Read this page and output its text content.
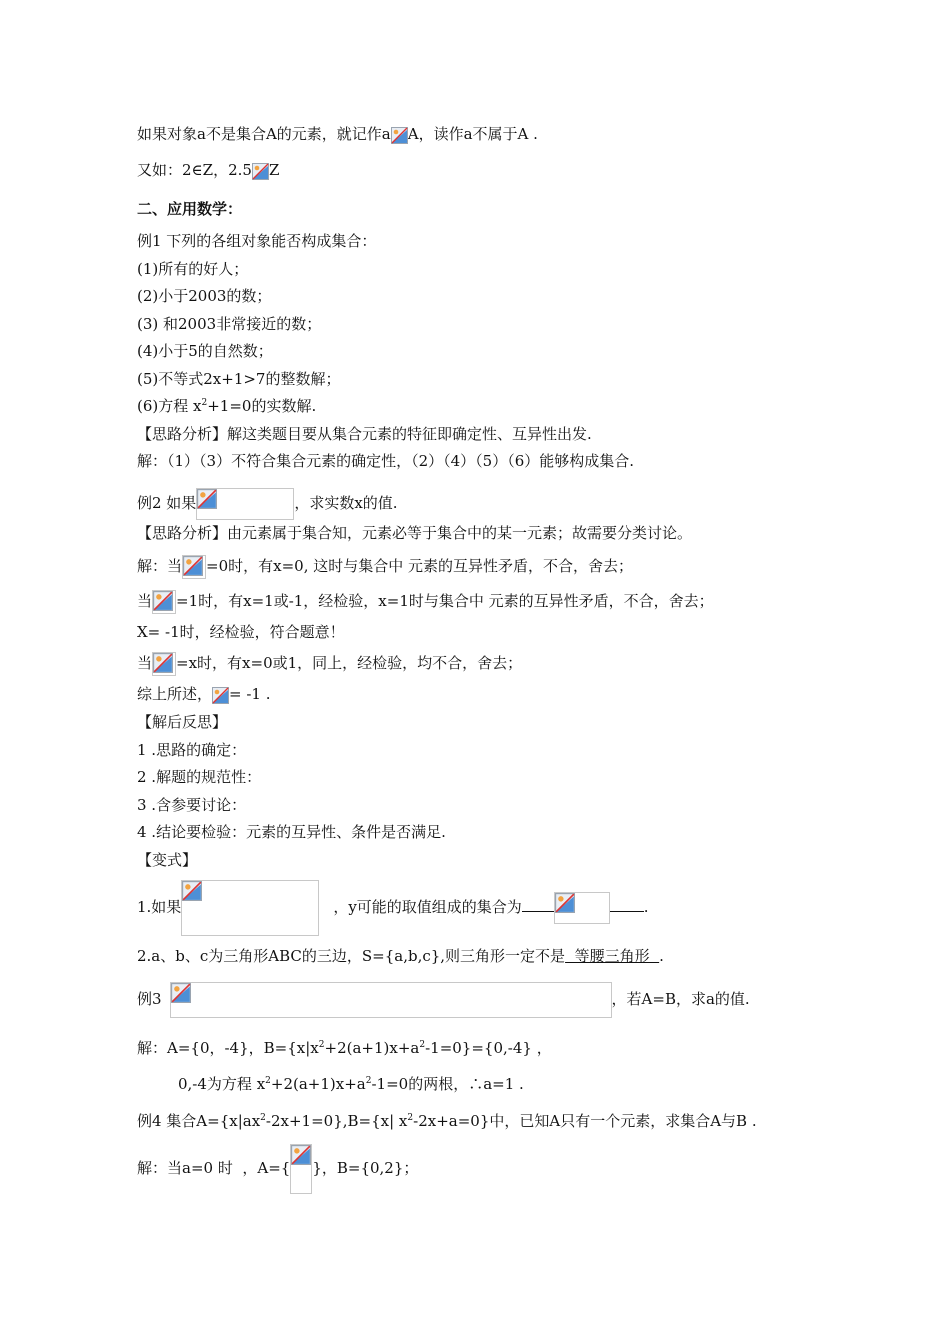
如果对象a不是集合A的元素，就记作a A，读作a不属于A .
又如：2∈Z，2.5 Z
二、应用数学：
例1 下列的各组对象能否构成集合：
(1)所有的好人；
(2)小于2003的数；
(3) 和2003非常接近的数；
(4)小于5的自然数；
(5)不等式2x+1>7的整数解；
(6)方程 $x^2+1=0$的实数解.
【思路分析】解这类题目要从集合元素的特征即确定性、互异性出发.
解：（1）（3）不符合集合元素的确定性，（2）（4）（5）（6）能够构成集合.
例2 如果	，求实数x的值.
【思路分析】由元素属于集合知，元素必等于集合中的某一元素；故需要分类讨论。
解：当 =0时，有x=0, 这时与集合中 元素的互异性矛盾，不合，舍去；
当 =1时，有x=1或-1，经检验，x=1时与集合中 元素的互异性矛盾，不合，舍去；
X= -1时，经检验，符合题意！
当 =x时，有x=0或1，同上，经检验，均不合，舍去；
综上所述， = -1 .
【解后反思】
1 .思路的确定：
2 .解题的规范性：
3 .含参要讨论：
4 .结论要检验：元素的互异性、条件是否满足.
【变式】
1.如果	，y可能的取值组成的集合为	.
2.a、b、c为三角形ABC的三边，S={a,b,c},则三角形一定不是  等腰三角形  .
例3	，若A=B，求a的值.
解：A={0，-4}，$B=\{x|x^2+2(a+1)x+a^2-1=0\}=\{0,-4\}$ ，
0,-4为方程 $x^2+2(a+1)x+a^2-1=0$的两根，∴a=1 .
例4 集合$A=\{x|ax^2-2x+1=0\},B=\{x|$ $x^2-2x+a=0$}中，已知A只有一个元素，求集合A与B .
解：当a=0 时  ，A={ }，B={0,2}；
